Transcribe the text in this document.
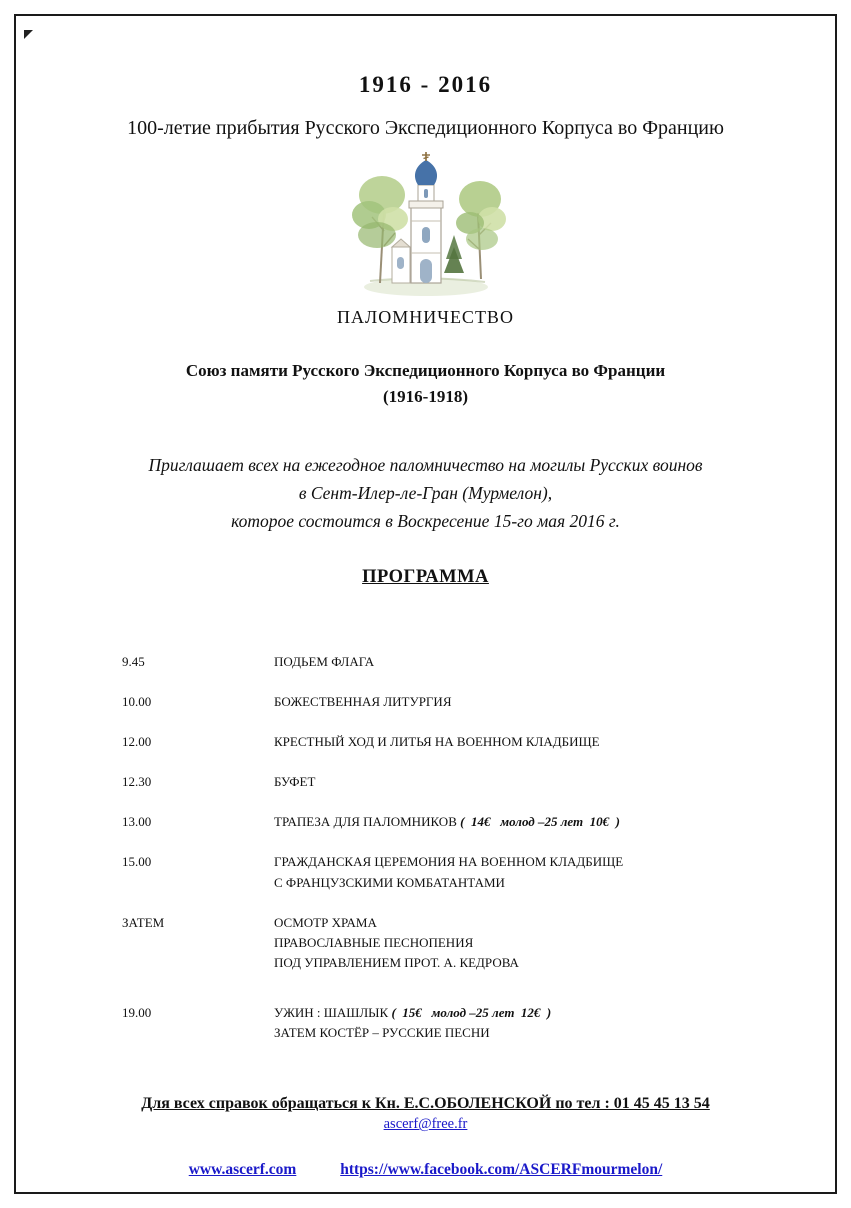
1916 - 2016

100-летие прибытия Русского Экспедиционного Корпуса во Францию

ПАЛОМНИЧЕСТВО

Союз памяти Русского Экспедиционного Корпуса во Франции
(1916-1918)

Приглашает всех на ежегодное паломничество на могилы Русских воинов
в Сент-Илер-ле-Гран (Мурмелон),
которое состоится в Воскресение 15-го мая 2016 г.

ПРОГРАММА
9.45	ПОДЬЕМ ФЛАГА
10.00	БОЖЕСТВЕННАЯ ЛИТУРГИЯ
12.00	КРЕСТНЫЙ ХОД И ЛИТЬЯ НА ВОЕННОМ КЛАДБИЩЕ
12.30	БУФЕТ
13.00	ТРАПЕЗА ДЛЯ ПАЛОМНИКОВ (  14€   молод –25 лет  10€  )
15.00	ГРАЖДАНСКАЯ ЦЕРЕМОНИЯ НА ВОЕННОМ КЛАДБИЩЕ
С ФРАНЦУЗСКИМИ КОМБАТАНТАМИ
ЗАТЕМ	ОСМОТР ХРАМА
ПРАВОСЛАВНЫЕ ПЕСНОПЕНИЯ
ПОД УПРАВЛЕНИЕМ ПРОТ. А. КЕДРОВА
19.00	УЖИН : ШАШЛЫК (  15€   молод –25 лет  12€  )
ЗАТЕМ КОСТЁР – РУССКИЕ ПЕСНИ

Для всех справок обращаться к Кн. Е.С.ОБОЛЕНСКОЙ по тел : 01 45 45 13 54

ascerf@free.fr

www.ascerf.com	https://www.facebook.com/ASCERFmourmelon/
